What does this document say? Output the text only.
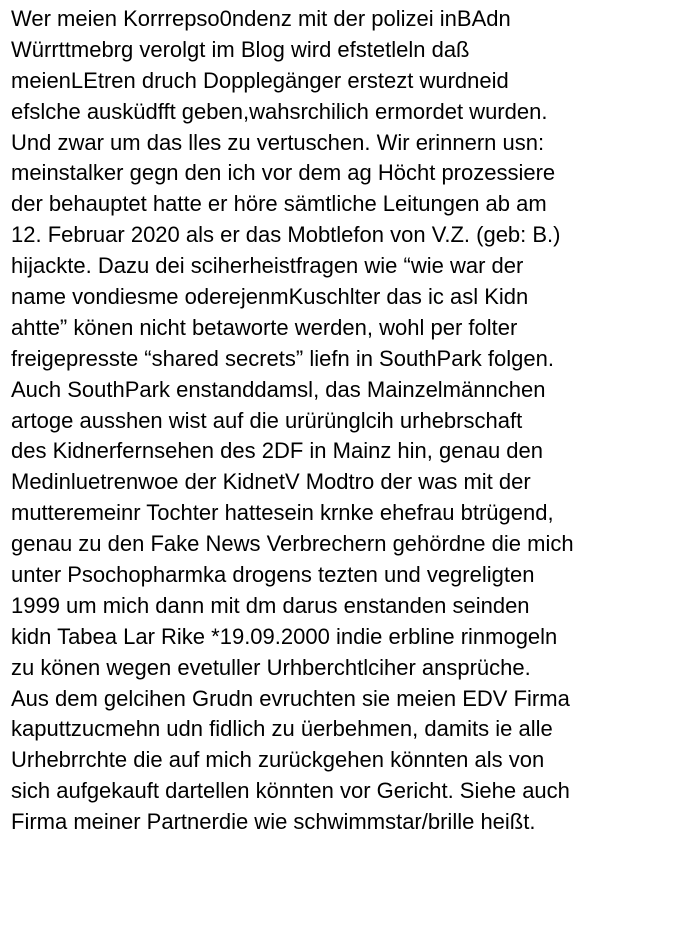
Wer meien Korrrepso0ndenz mit der polizei inBAdn
Würrttmebrg verolgt im Blog wird efstetleln daß
meienLEtren druch Dopplegänger erstezt wurdneid
efslche ausküdfft geben,wahsrchilich ermordet wurden.
Und zwar um das lles zu vertuschen. Wir erinnern usn:
meinstalker gegn den ich vor dem ag Höcht prozessiere
der behauptet hatte er höre sämtliche Leitungen ab am
12. Februar 2020 als er das Mobtlefon von V.Z. (geb: B.)
hijackte. Dazu dei sciherheistfragen wie “wie war der
name vondiesme oderejenmKuschlter das ic asl Kidn
ahtte” könen nicht betaworte werden, wohl per folter
freigepresste “shared secrets” liefn in SouthPark folgen.
Auch SouthPark enstanddamsl, das Mainzelmännchen
artoge ausshen wist auf die urürünglcih urhebrschaft
des Kidnerfernsehen des 2DF in Mainz hin, genau den
Medinluetrenwoe der KidnetV Modtro der was mit der
mutteremeinr Tochter hattesein krnke ehefrau btrügend,
genau zu den Fake News Verbrechern gehördne die mich
unter Psochopharmka drogens tezten und vegreligten
1999 um mich dann mit dm darus enstanden seinden
kidn Tabea Lar Rike *19.09.2000 indie erbline rinmogeln
zu könen wegen evetuller Urhberchtlciher ansprüche.
Aus dem gelcihen Grudn evruchten sie meien EDV Firma
kaputtzucmehn udn fidlich zu üerbehmen, damits ie alle
Urhebrrchte die auf mich zurückgehen könnten als von
sich aufgekauft dartellen könnten vor Gericht. Siehe auch
Firma meiner Partnerdie wie schwimmstar/brille heißt.
